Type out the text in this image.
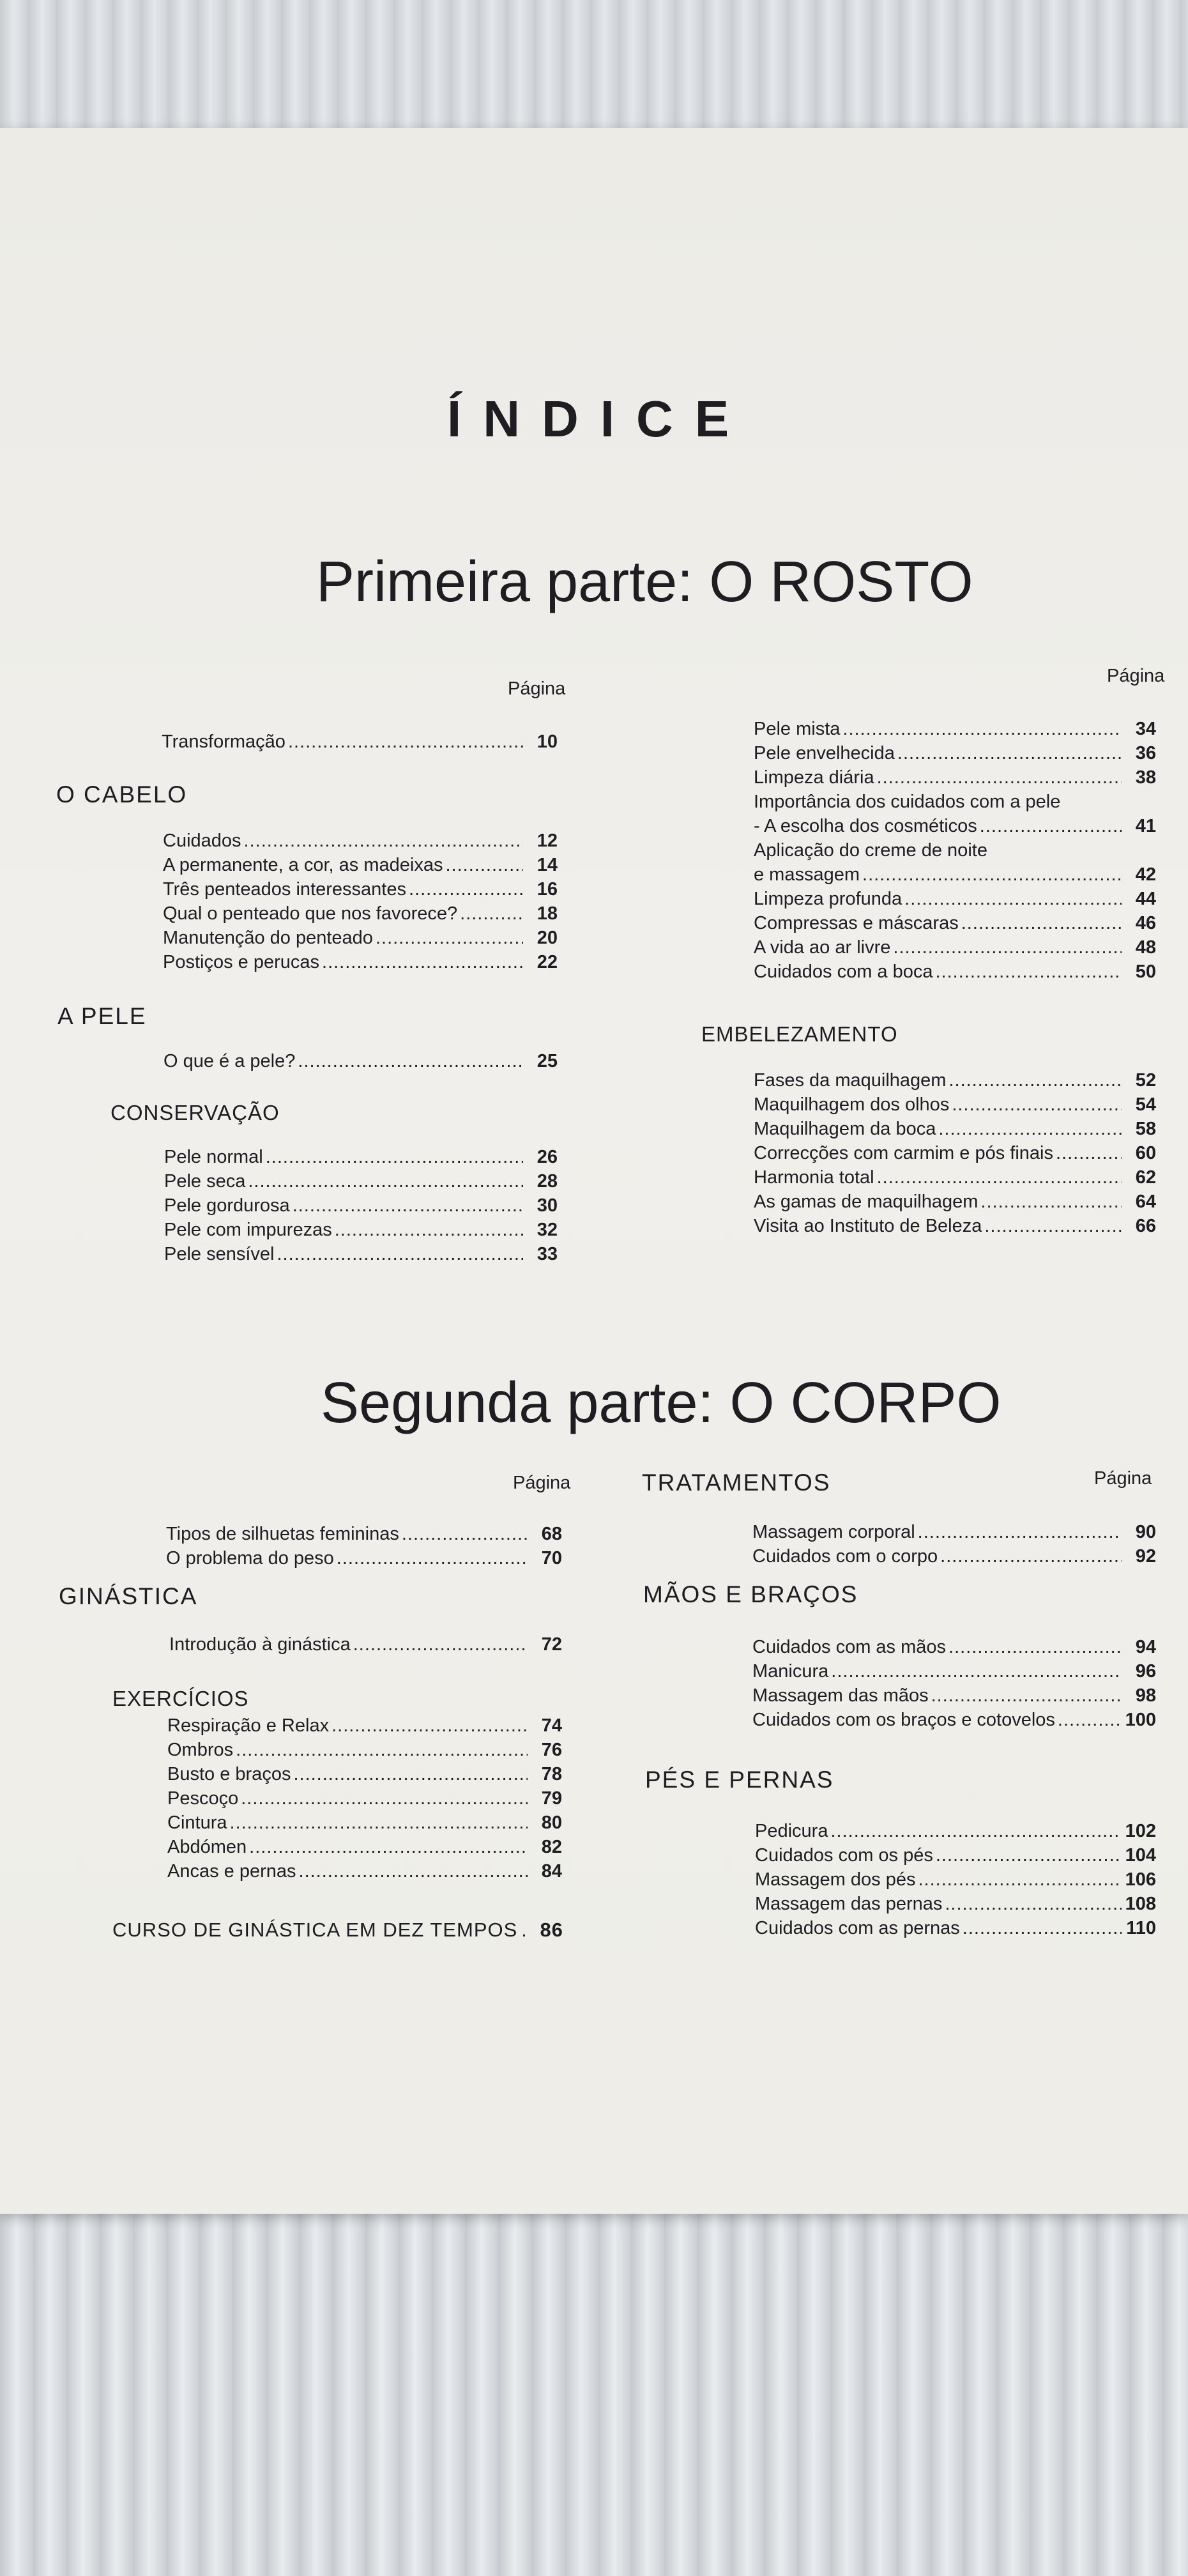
ÍNDICE
Primeira parte: O ROSTO
Página
Transformação .....	10
O CABELO
Cuidados .....	12
A permanente, a cor, as madeixas .....	14
Três penteados interessantes .....	16
Qual o penteado que nos favorece? .....	18
Manutenção do penteado .....	20
Postiços e perucas .....	22
A PELE
O que é a pele? .....	25
CONSERVAÇÃO
Pele normal .....	26
Pele seca .....	28
Pele gordurosa .....	30
Pele com impurezas .....	32
Pele sensível .....	33
Página
Pele mista .....	34
Pele envelhecida .....	36
Limpeza diária .....	38
Importância dos cuidados com a pele
- A escolha dos cosméticos .....	41
Aplicação do creme de noite
e massagem .....	42
Limpeza profunda .....	44
Compressas e máscaras .....	46
A vida ao ar livre .....	48
Cuidados com a boca .....	50
EMBELEZAMENTO
Fases da maquilhagem .....	52
Maquilhagem dos olhos .....	54
Maquilhagem da boca .....	58
Correcções com carmim e pós finais .....	60
Harmonia total .....	62
As gamas de maquilhagem .....	64
Visita ao Instituto de Beleza .....	66
Segunda parte: O CORPO
Página
Tipos de silhuetas femininas .....	68
O problema do peso .....	70
GINÁSTICA
Introdução à ginástica .....	72
EXERCÍCIOS
Respiração e Relax .....	74
Ombros .....	76
Busto e braços .....	78
Pescoço .....	79
Cintura .....	80
Abdómen .....	82
Ancas e pernas .....	84
CURSO DE GINÁSTICA EM DEZ TEMPOS . 86
TRATAMENTOS	Página
Massagem corporal .....	90
Cuidados com o corpo .....	92
MÃOS E BRAÇOS
Cuidados com as mãos .....	94
Manicura .....	96
Massagem das mãos .....	98
Cuidados com os braços e cotovelos .....	100
PÉS E PERNAS
Pedicura .....	102
Cuidados com os pés .....	104
Massagem dos pés .....	106
Massagem das pernas .....	108
Cuidados com as pernas .....	110
